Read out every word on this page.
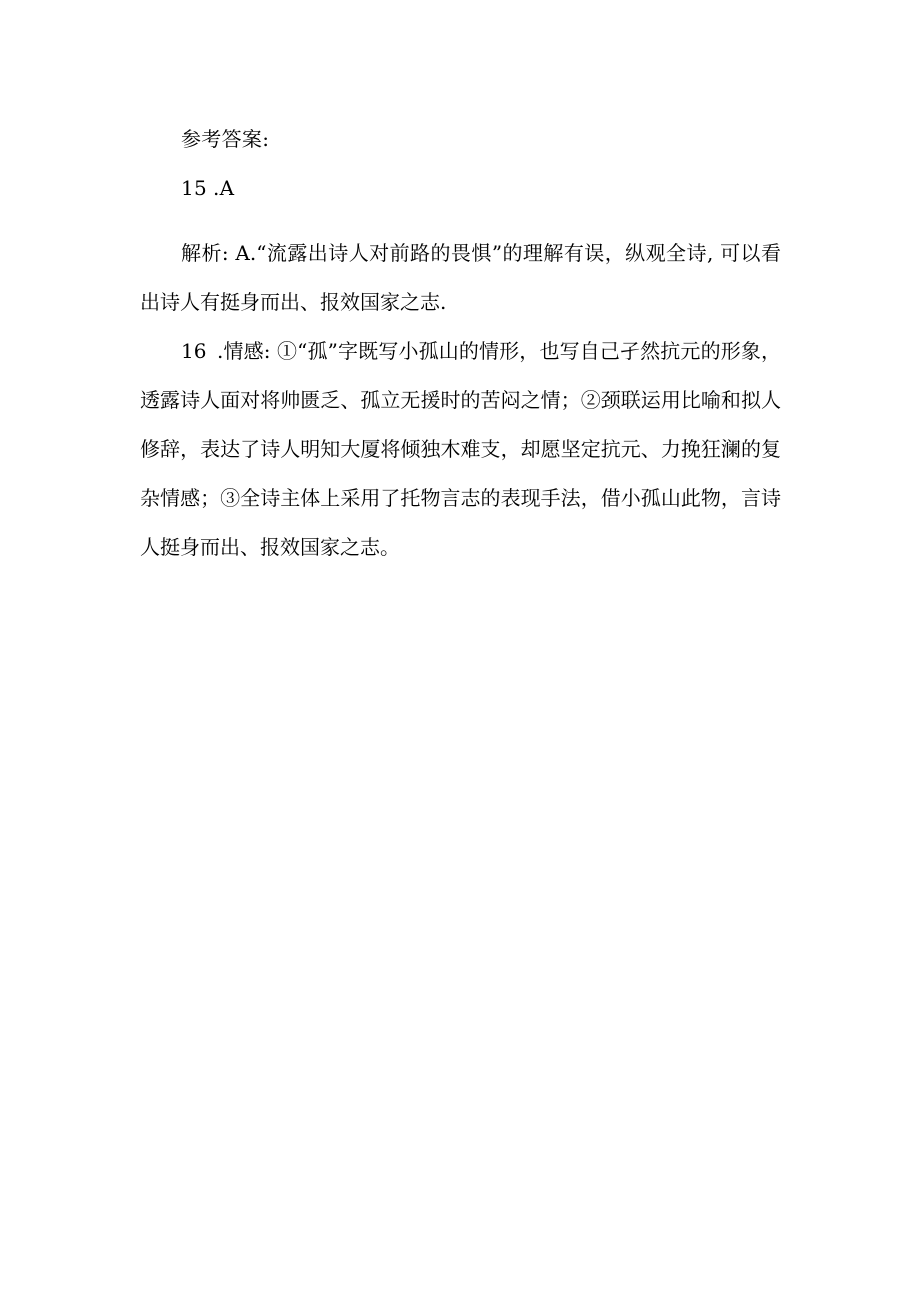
参考答案:
15 .A
解析: A.“流露出诗人对前路的畏惧”的理解有误，纵观全诗, 可以看
出诗人有挺身而出、报效国家之志.
16 .情感: ①“孤”字既写小孤山的情形，也写自己孑然抗元的形象，
透露诗人面对将帅匮乏、孤立无援时的苦闷之情；②颈联运用比喻和拟人
修辞，表达了诗人明知大厦将倾独木难支，却愿坚定抗元、力挽狂澜的复
杂情感；③全诗主体上采用了托物言志的表现手法，借小孤山此物，言诗
人挺身而出、报效国家之志。
